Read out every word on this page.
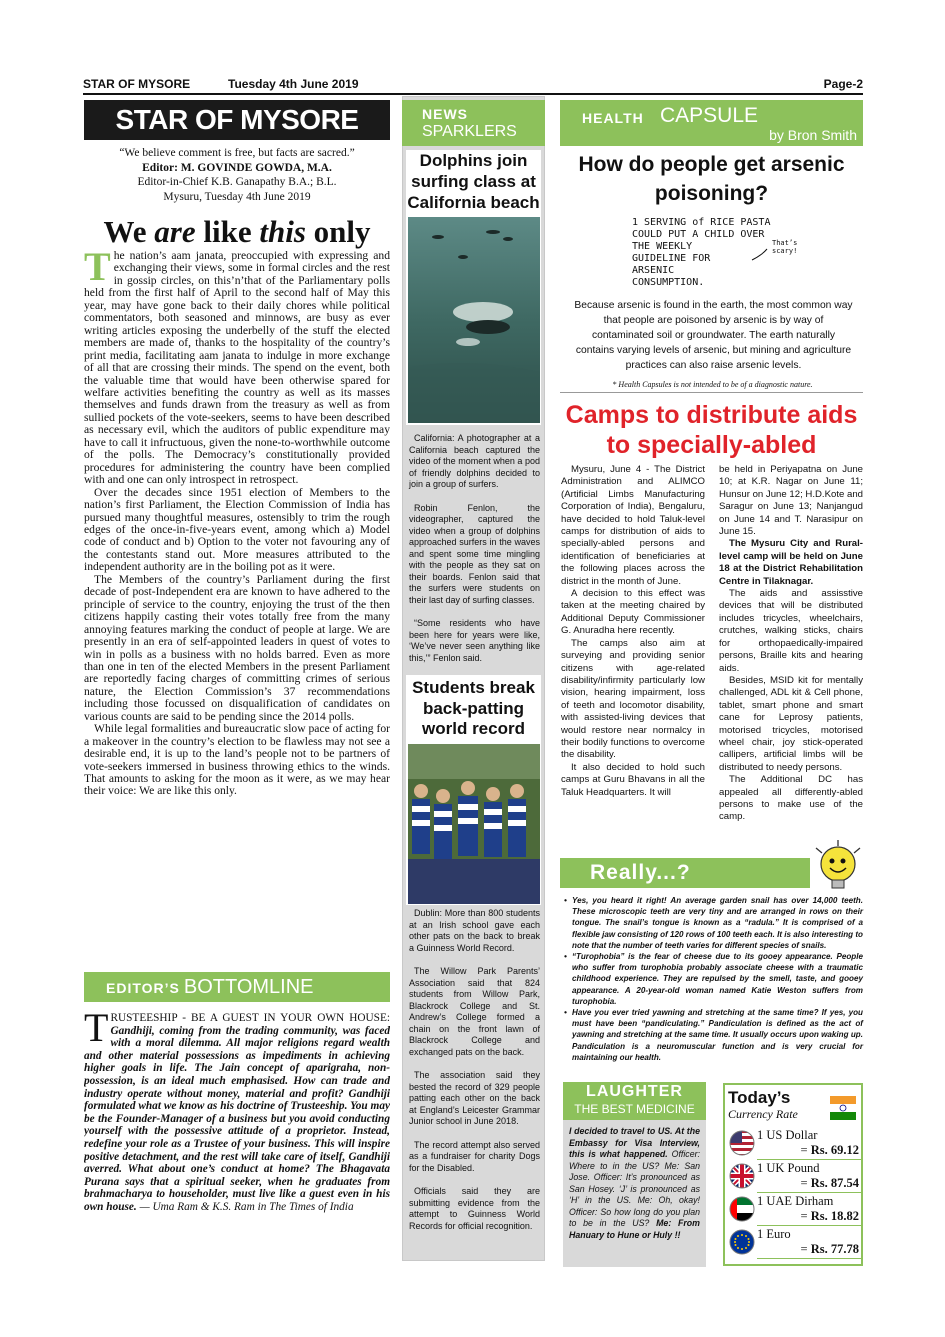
STAR OF MYSORE	Tuesday 4th June 2019	Page-2
STAR OF MYSORE
“We believe comment is free, but facts are sacred.”
Editor: M. GOVINDE GOWDA, M.A.
Editor-in-Chief K.B. Ganapathy B.A.; B.L.
Mysuru, Tuesday 4th June 2019
We are like this only
T he nation’s aam janata, preoccupied with expressing and exchanging their views, some in formal circles and the rest in gossip circles, on this’n’that of the Parliamentary polls held from the first half of April to the second half of May this year, may have gone back to their daily chores while political commentators, both seasoned and minnows, are busy as ever writing articles exposing the underbelly of the stuff the elected members are made of, thanks to the hospitality of the country’s print media, facilitating aam janata to indulge in more exchange of all that are crossing their minds. The spend on the event, both the valuable time that would have been otherwise spared for welfare activities benefiting the country as well as its masses themselves and funds drawn from the treasury as well as from sullied pockets of the vote-seekers, seems to have been described as necessary evil, which the auditors of public expenditure may have to call it infructuous, given the none-to-worthwhile outcome of the polls. The Democracy’s constitutionally provided procedures for administering the country have been complied with and one can only introspect in retrospect.

Over the decades since 1951 election of Members to the nation’s first Parliament, the Election Commission of India has pursued many thoughtful measures, ostensibly to trim the rough edges of the once-in-five-years event, among which a) Model code of conduct and b) Option to the voter not favouring any of the contestants stand out. More measures attributed to the independent authority are in the boiling pot as it were.

The Members of the country’s Parliament during the first decade of post-Independent era are known to have adhered to the principle of service to the country, enjoying the trust of the then citizens happily casting their votes totally free from the many annoying features marking the conduct of people at large. We are presently in an era of self-appointed leaders in quest of votes to win in polls as a business with no holds barred. Even as more than one in ten of the elected Members in the present Parliament are reportedly facing charges of committing crimes of serious nature, the Election Commission’s 37 recommendations including those focussed on disqualification of candidates on various counts are said to be pending since the 2014 polls.

While legal formalities and bureaucratic slow pace of acting for a makeover in the country’s election to be flawless may not see a desirable end, it is up to the land’s people not to be partners of vote-seekers immersed in business throwing ethics to the winds. That amounts to asking for the moon as it were, as we may hear their voice: We are like this only.

EDITOR’S BOTTOMLINE
T RUSTEESHIP - BE A GUEST IN YOUR OWN HOUSE: Gandhiji, coming from the trading community, was faced with a moral dilemma. All major religions regard wealth and other material possessions as impediments in achieving higher goals in life. The Jain concept of aparigraha, non-possession, is an ideal much emphasised. How can trade and industry operate without money, material and profit? Gandhiji formulated what we know as his doctrine of Trusteeship. You may be the Founder-Manager of a business but you avoid conducting yourself with the possessive attitude of a proprietor. Instead, redefine your role as a Trustee of your business. This will inspire positive detachment, and the rest will take care of itself, Gandhiji averred. What about one’s conduct at home? The Bhagavata Purana says that a spiritual seeker, when he graduates from brahmacharya to householder, must live like a guest even in his own house. — Uma Ram & K.S. Ram in The Times of India
NEWS
SPARKLERS
Dolphins join surfing class at California beach

California: A photographer at a California beach captured the video of the moment when a pod of friendly dolphins decided to join a group of surfers.

Robin Fenlon, the videographer, captured the video when a group of dolphins approached surfers in the waves and spent some time mingling with the people as they sat on their boards. Fenlon said that the surfers were students on their last day of surfing classes.

“Some residents who have been here for years were like, ‘We’ve never seen anything like this,’” Fenlon said.

Students break back-patting world record

Dublin: More than 800 students at an Irish school gave each other pats on the back to break a Guinness World Record.

The Willow Park Parents’ Association said that 824 students from Willow Park, Blackrock College and St. Andrew’s College formed a chain on the front lawn of Blackrock College and exchanged pats on the back.

The association said they bested the record of 329 people patting each other on the back at England’s Leicester Grammar Junior school in June 2018.

The record attempt also served as a fundraiser for charity Dogs for the Disabled.

Officials said they are submitting evidence from the attempt to Guinness World Records for official recognition.

HEALTH CAPSULE
by Bron Smith
How do people get arsenic poisoning?
1 SERVING of RICE PASTA
COULD PUT A CHILD OVER
THE WEEKLY
GUIDELINE FOR
ARSENIC
CONSUMPTION.
That’s
scary!
Because arsenic is found in the earth, the most common way that people are poisoned by arsenic is by way of contaminated soil or groundwater. The earth naturally contains varying levels of arsenic, but mining and agriculture practices can also raise arsenic levels.
* Health Capsules is not intended to be of a diagnostic nature.
Camps to distribute aids to specially-abled

Mysuru, June 4 - The District Administration and ALIMCO (Artificial Limbs Manufacturing Corporation of India), Bengaluru, have decided to hold Taluk-level camps for distribution of aids to specially-abled persons and identification of beneficiaries at the following places across the district in the month of June.

A decision to this effect was taken at the meeting chaired by Additional Deputy Commissioner G. Anuradha here recently.

The camps also aim at surveying and providing senior citizens with age-related disability/infirmity particularly low vision, hearing impairment, loss of teeth and locomotor disability, with assisted-living devices that would restore near normalcy in their bodily functions to overcome the disability.

It also decided to hold such camps at Guru Bhavans in all the Taluk Headquarters. It will

be held in Periyapatna on June 10; at K.R. Nagar on June 11; Hunsur on June 12; H.D.Kote and Saragur on June 13; Nanjangud on June 14 and T. Narasipur on June 15.

The Mysuru City and Rural-level camp will be held on June 18 at the District Rehabilitation Centre in Tilaknagar.

The aids and assisstive devices that will be distributed includes tricycles, wheelchairs, crutches, walking sticks, chairs for orthopaedically-impaired persons, Braille kits and hearing aids.

Besides, MSID kit for mentally challenged, ADL kit & Cell phone, tablet, smart phone and smart cane for Leprosy patients, motorised tricycles, motorised wheel chair, joy stick-operated callipers, artificial limbs will be distributed to needy persons.

The Additional DC has appealed all differently-abled persons to make use of the camp.

Really...?
• Yes, you heard it right! An average garden snail has over 14,000 teeth. These microscopic teeth are very tiny and are arranged in rows on their tongue. The snail’s tongue is known as a “radula.” It is comprised of a flexible jaw consisting of 120 rows of 100 teeth each. It is also interesting to note that the number of teeth varies for different species of snails.
• “Turophobia” is the fear of cheese due to its gooey appearance. People who suffer from turophobia probably associate cheese with a traumatic childhood experience. They are repulsed by the smell, taste, and gooey appearance. A 20-year-old woman named Katie Weston suffers from turophobia.
• Have you ever tried yawning and stretching at the same time? If yes, you must have been “pandiculating.” Pandiculation is defined as the act of yawning and stretching at the same time. It usually occurs upon waking up. Pandiculation is a neuromuscular function and is very crucial for maintaining our health.
LAUGHTER
THE BEST MEDICINE
I decided to travel to US. At the Embassy for Visa Interview, this is what happened. Officer: Where to in the US? Me: San Jose. Officer: It’s pronounced as San Hosey. ‘J’ is pronounced as ‘H’ in the US. Me: Oh, okay! Officer: So how long do you plan to be in the US? Me: From Hanuary to Hune or Huly !!
Today’s
Currency Rate
1 US Dollar
= Rs. 69.12
1 UK Pound
= Rs. 87.54
1 UAE Dirham
= Rs. 18.82
1 Euro
= Rs. 77.78
